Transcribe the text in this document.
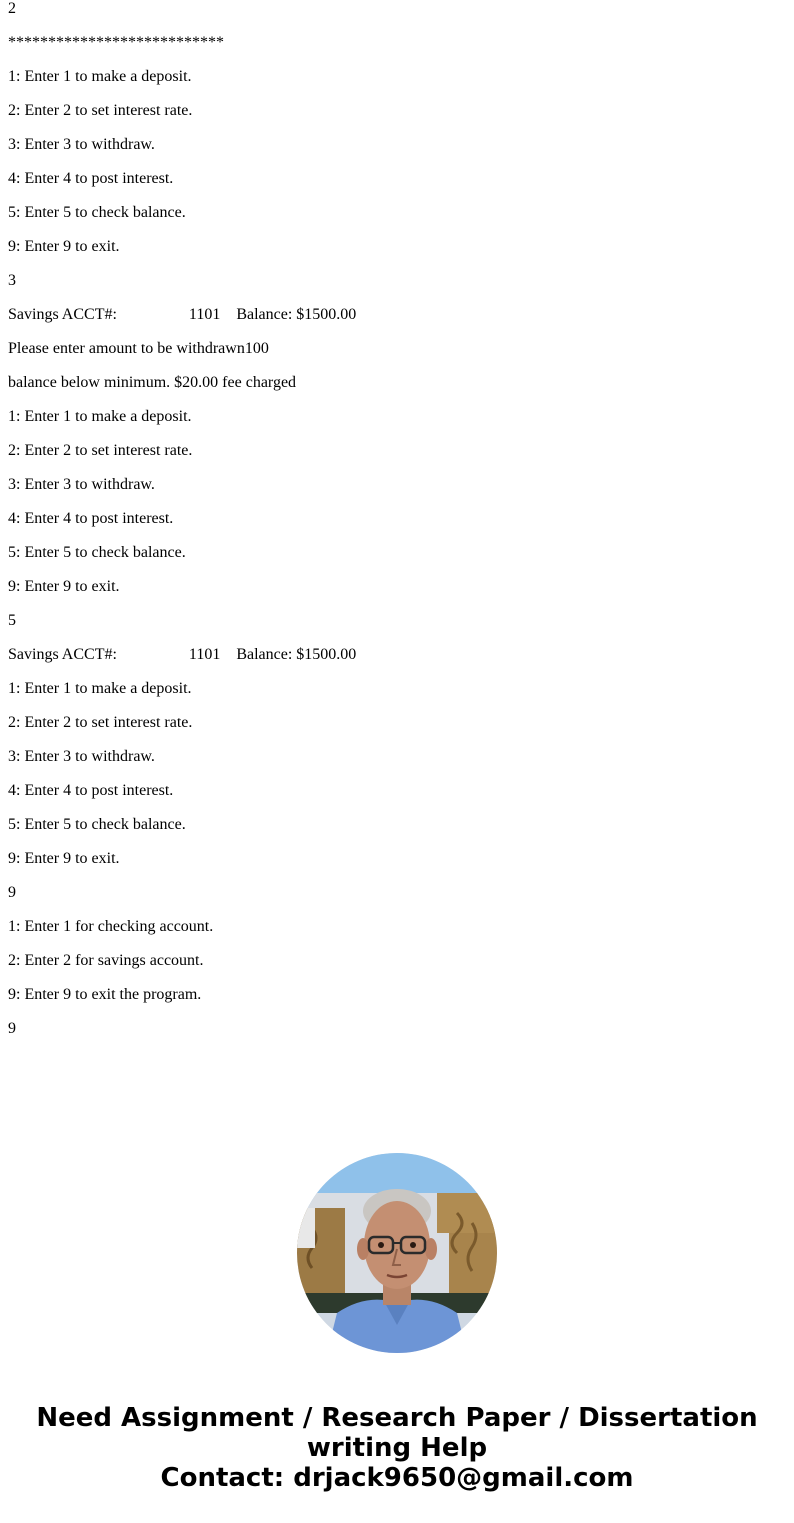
2
***************************
1: Enter 1 to make a deposit.
2: Enter 2 to set interest rate.
3: Enter 3 to withdraw.
4: Enter 4 to post interest.
5: Enter 5 to check balance.
9: Enter 9 to exit.
3
Savings ACCT#:                  1101    Balance: $1500.00
Please enter amount to be withdrawn100
balance below minimum. $20.00 fee charged
1: Enter 1 to make a deposit.
2: Enter 2 to set interest rate.
3: Enter 3 to withdraw.
4: Enter 4 to post interest.
5: Enter 5 to check balance.
9: Enter 9 to exit.
5
Savings ACCT#:                  1101    Balance: $1500.00
1: Enter 1 to make a deposit.
2: Enter 2 to set interest rate.
3: Enter 3 to withdraw.
4: Enter 4 to post interest.
5: Enter 5 to check balance.
9: Enter 9 to exit.
9
1: Enter 1 for checking account.
2: Enter 2 for savings account.
9: Enter 9 to exit the program.
9
Need Assignment / Research Paper / Dissertation
writing Help
Contact: drjack9650@gmail.com
